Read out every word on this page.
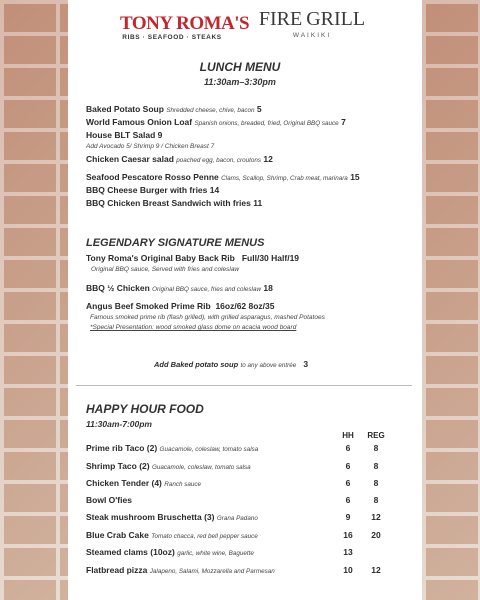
TONY ROMA'S
RIBS · SEAFOOD · STEAKS
FIRE GRILL
WAIKIKI
LUNCH MENU
11:30am–3:30pm
Baked Potato Soup Shredded cheese, chive, bacon 5
World Famous Onion Loaf Spanish onions, breaded, fried, Original BBQ sauce 7
House BLT Salad 9
Add Avocado 5/ Shrimp 9 / Chicken Breast 7
Chicken Caesar salad poached egg, bacon, croutons 12
Seafood Pescatore Rosso Penne Clams, Scallop, Shrimp, Crab meat, marinara 15
BBQ Cheese Burger with fries 14
BBQ Chicken Breast Sandwich with fries 11
LEGENDARY SIGNATURE MENUS
Tony Roma's Original Baby Back Rib Full/30 Half/19
Original BBQ sauce, Served with fries and coleslaw
BBQ ½ Chicken Original BBQ sauce, fries and coleslaw 18
Angus Beef Smoked Prime Rib 16oz/62 8oz/35
Famous smoked prime rib (flash grilled), with grilled asparagus, mashed Potatoes
*Special Presentation: wood smoked glass dome on acacia wood board
Add Baked potato soup to any above entrée 3
HAPPY HOUR FOOD
11:30am-7:00pm
HH	REG
Prime rib Taco (2) Guacamole, coleslaw, tomato salsa	6	8
Shrimp Taco (2) Guacamole, coleslaw, tomato salsa	6	8
Chicken Tender (4) Ranch sauce	6	8
Bowl O'fies	6	8
Steak mushroom Bruschetta (3) Grana Padano	9	12
Blue Crab Cake Tomato chacca, red bell pepper sauce	16	20
Steamed clams (10oz) garlic, white wine, Baguette	13
Flatbread pizza Jalapeno, Salami, Mozzarella and Parmesan	10	12
